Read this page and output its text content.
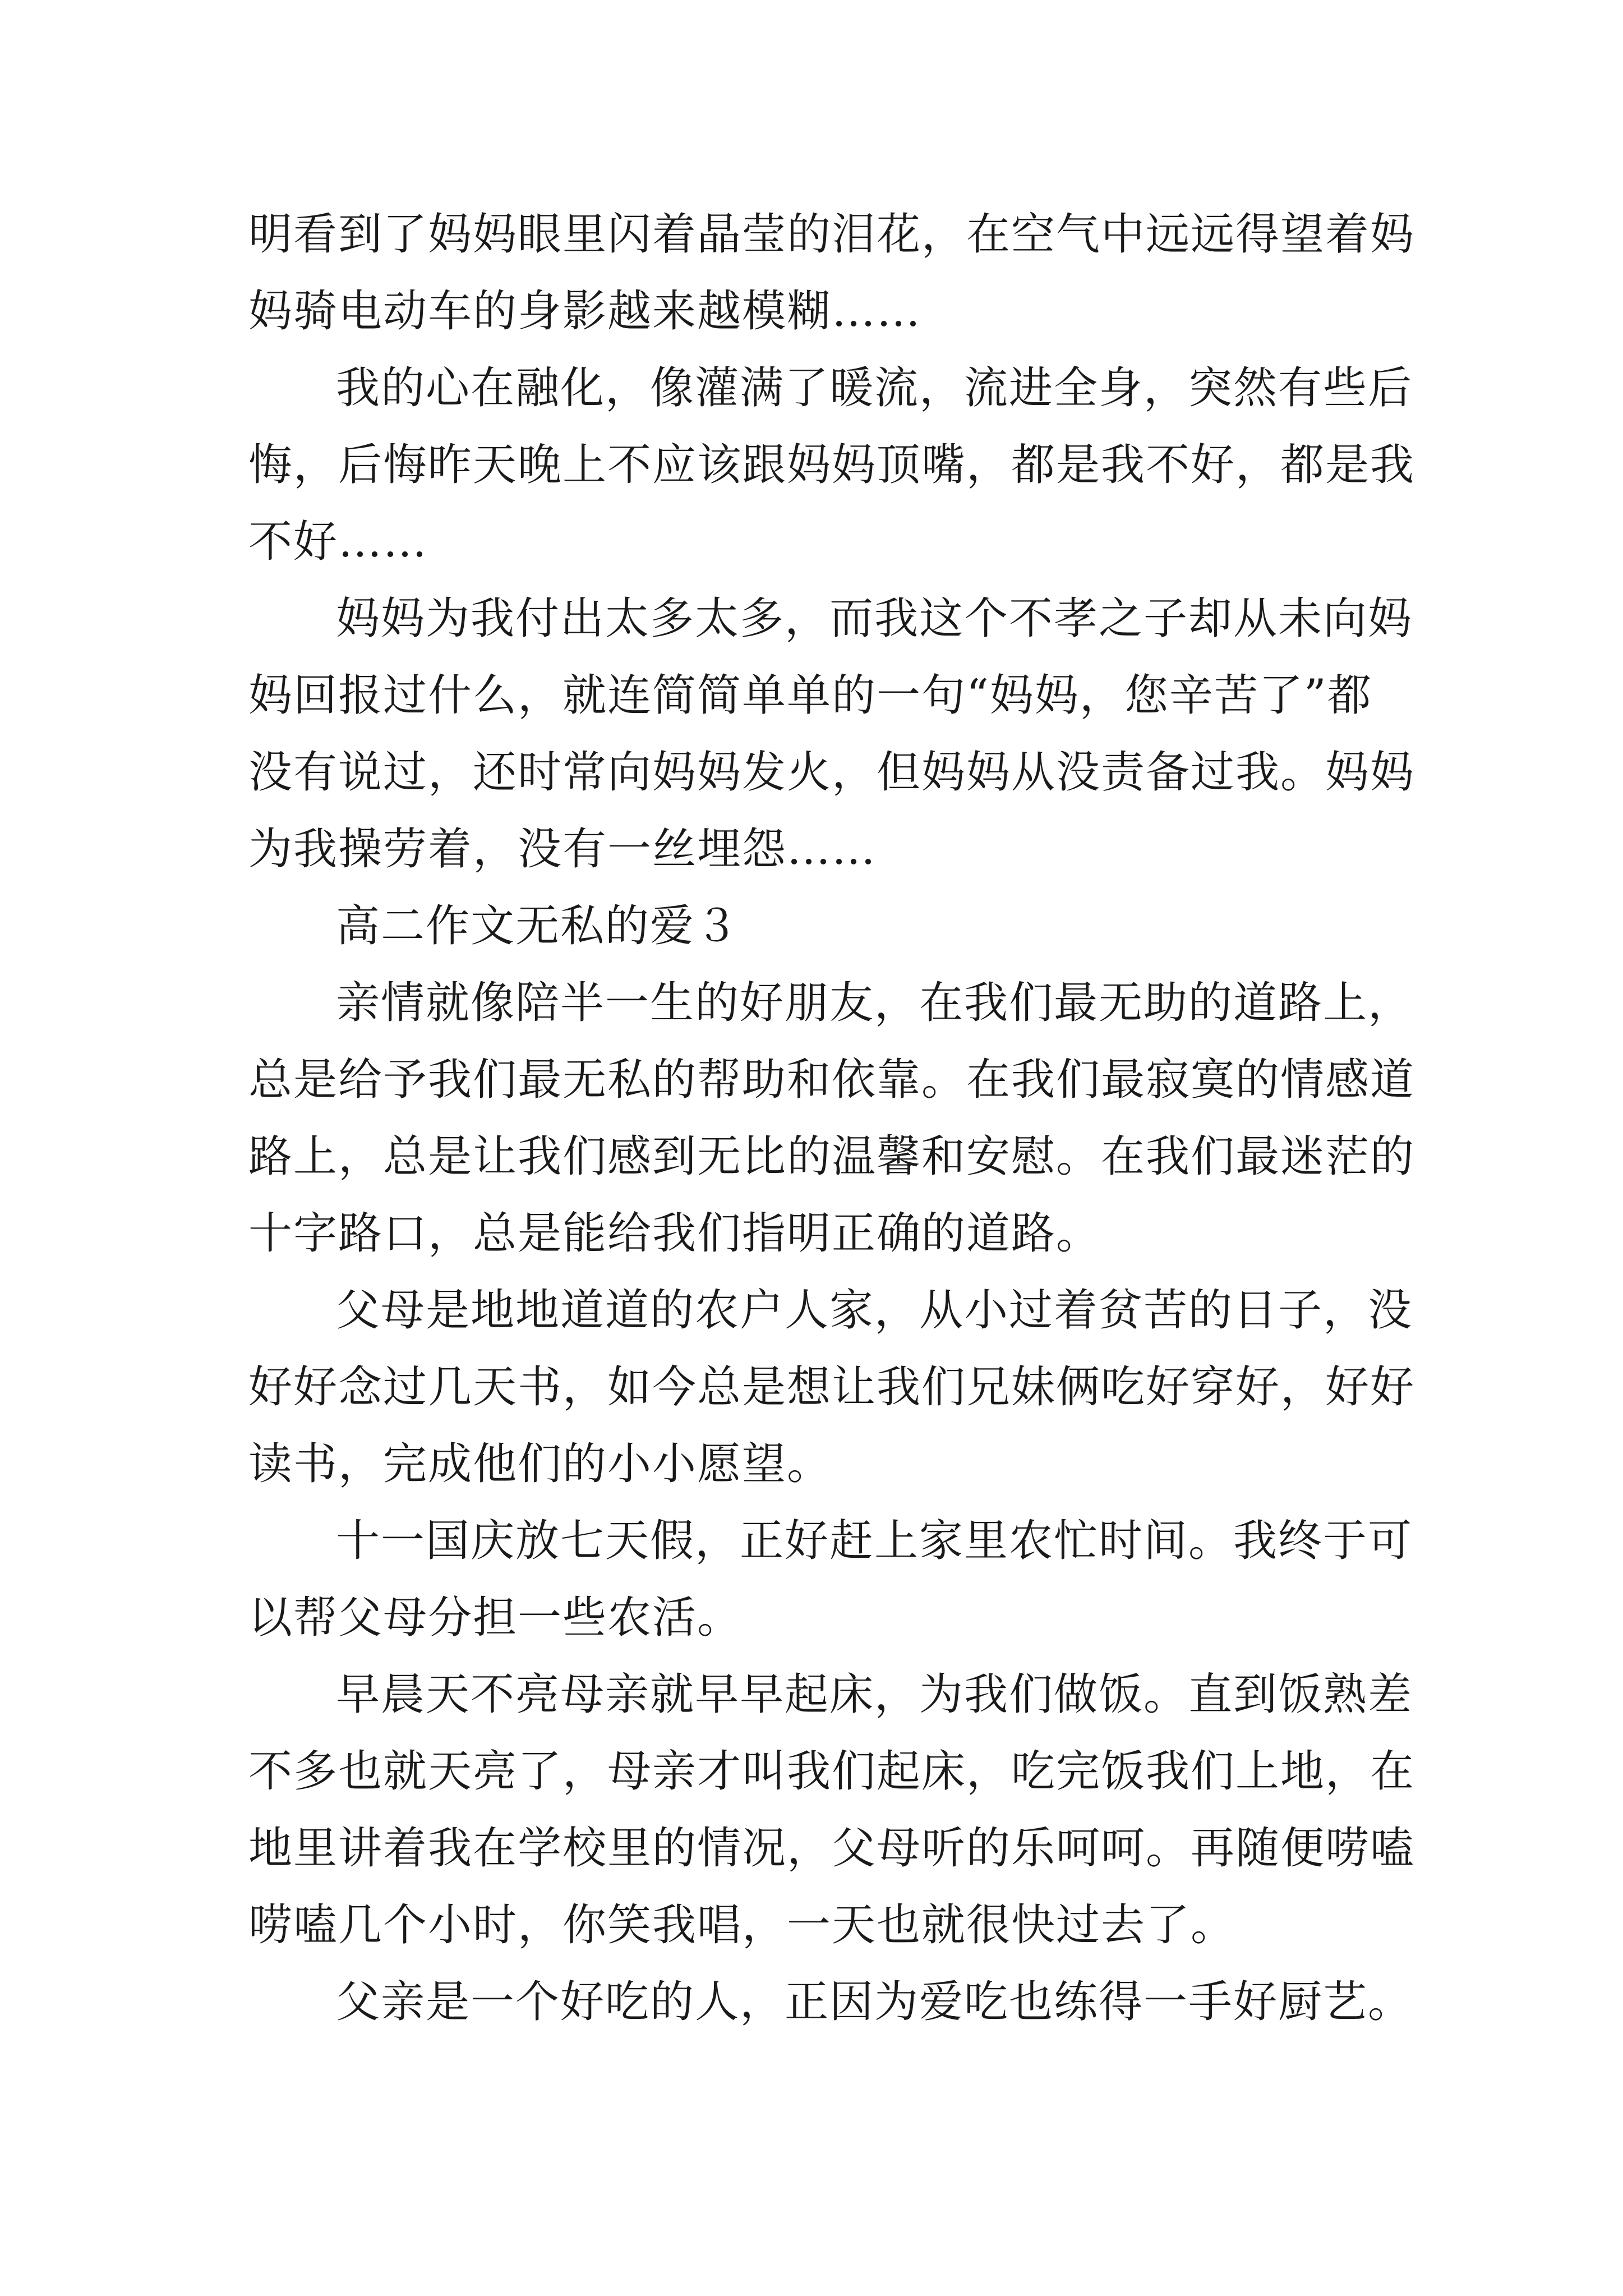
明看到了妈妈眼里闪着晶莹的泪花，在空气中远远得望着妈
妈骑电动车的身影越来越模糊……
我的心在融化，像灌满了暖流，流进全身，突然有些后
悔，后悔昨天晚上不应该跟妈妈顶嘴，都是我不好，都是我
不好……
妈妈为我付出太多太多，而我这个不孝之子却从未向妈
妈回报过什么，就连简简单单的一句“妈妈，您辛苦了”都
没有说过，还时常向妈妈发火，但妈妈从没责备过我。妈妈
为我操劳着，没有一丝埋怨……
高二作文无私的爱３
亲情就像陪半一生的好朋友，在我们最无助的道路上，
总是给予我们最无私的帮助和依靠。在我们最寂寞的情感道
路上，总是让我们感到无比的温馨和安慰。在我们最迷茫的
十字路口，总是能给我们指明正确的道路。
父母是地地道道的农户人家，从小过着贫苦的日子，没
好好念过几天书，如今总是想让我们兄妹俩吃好穿好，好好
读书，完成他们的小小愿望。
十一国庆放七天假，正好赶上家里农忙时间。我终于可
以帮父母分担一些农活。
早晨天不亮母亲就早早起床，为我们做饭。直到饭熟差
不多也就天亮了，母亲才叫我们起床，吃完饭我们上地，在
地里讲着我在学校里的情况，父母听的乐呵呵。再随便唠嗑
唠嗑几个小时，你笑我唱，一天也就很快过去了。
父亲是一个好吃的人，正因为爱吃也练得一手好厨艺。
